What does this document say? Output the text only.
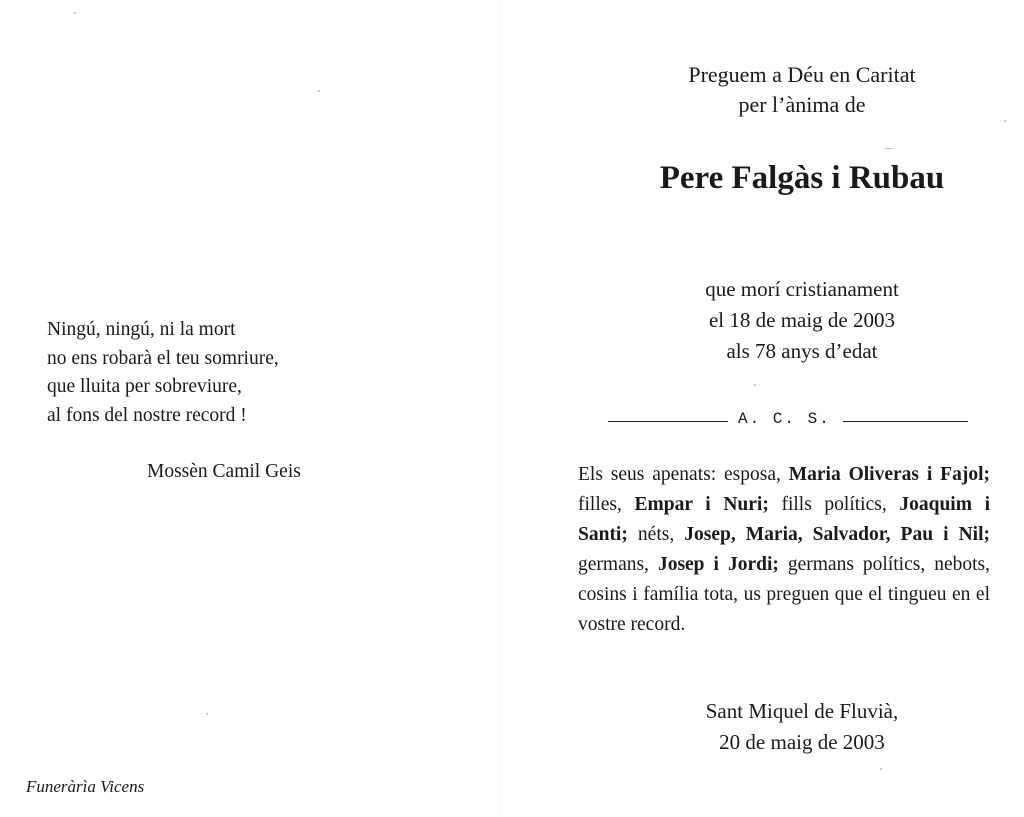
Ningú, ningú, ni la mort
no ens robarà el teu somriure,
que lluita per sobreviure,
al fons del nostre record !
Mossèn Camil Geis
Funeràrìa Vicens
Preguem a Déu en Caritat
per l’ànima de
Pere Falgàs i Rubau
que morí cristianament
el 18 de maig de 2003
als 78 anys d’edat
A. C. S.
Els seus apenats: esposa, Maria Oliveras i Fajol; filles, Empar i Nuri; fills polítics, Joaquim i Santi; néts, Josep, Maria, Salvador, Pau i Nil; germans, Josep i Jordi; germans polítics, nebots, cosins i família tota, us preguen que el tingueu en el vostre record.
Sant Miquel de Fluvià,
20 de maig de 2003
